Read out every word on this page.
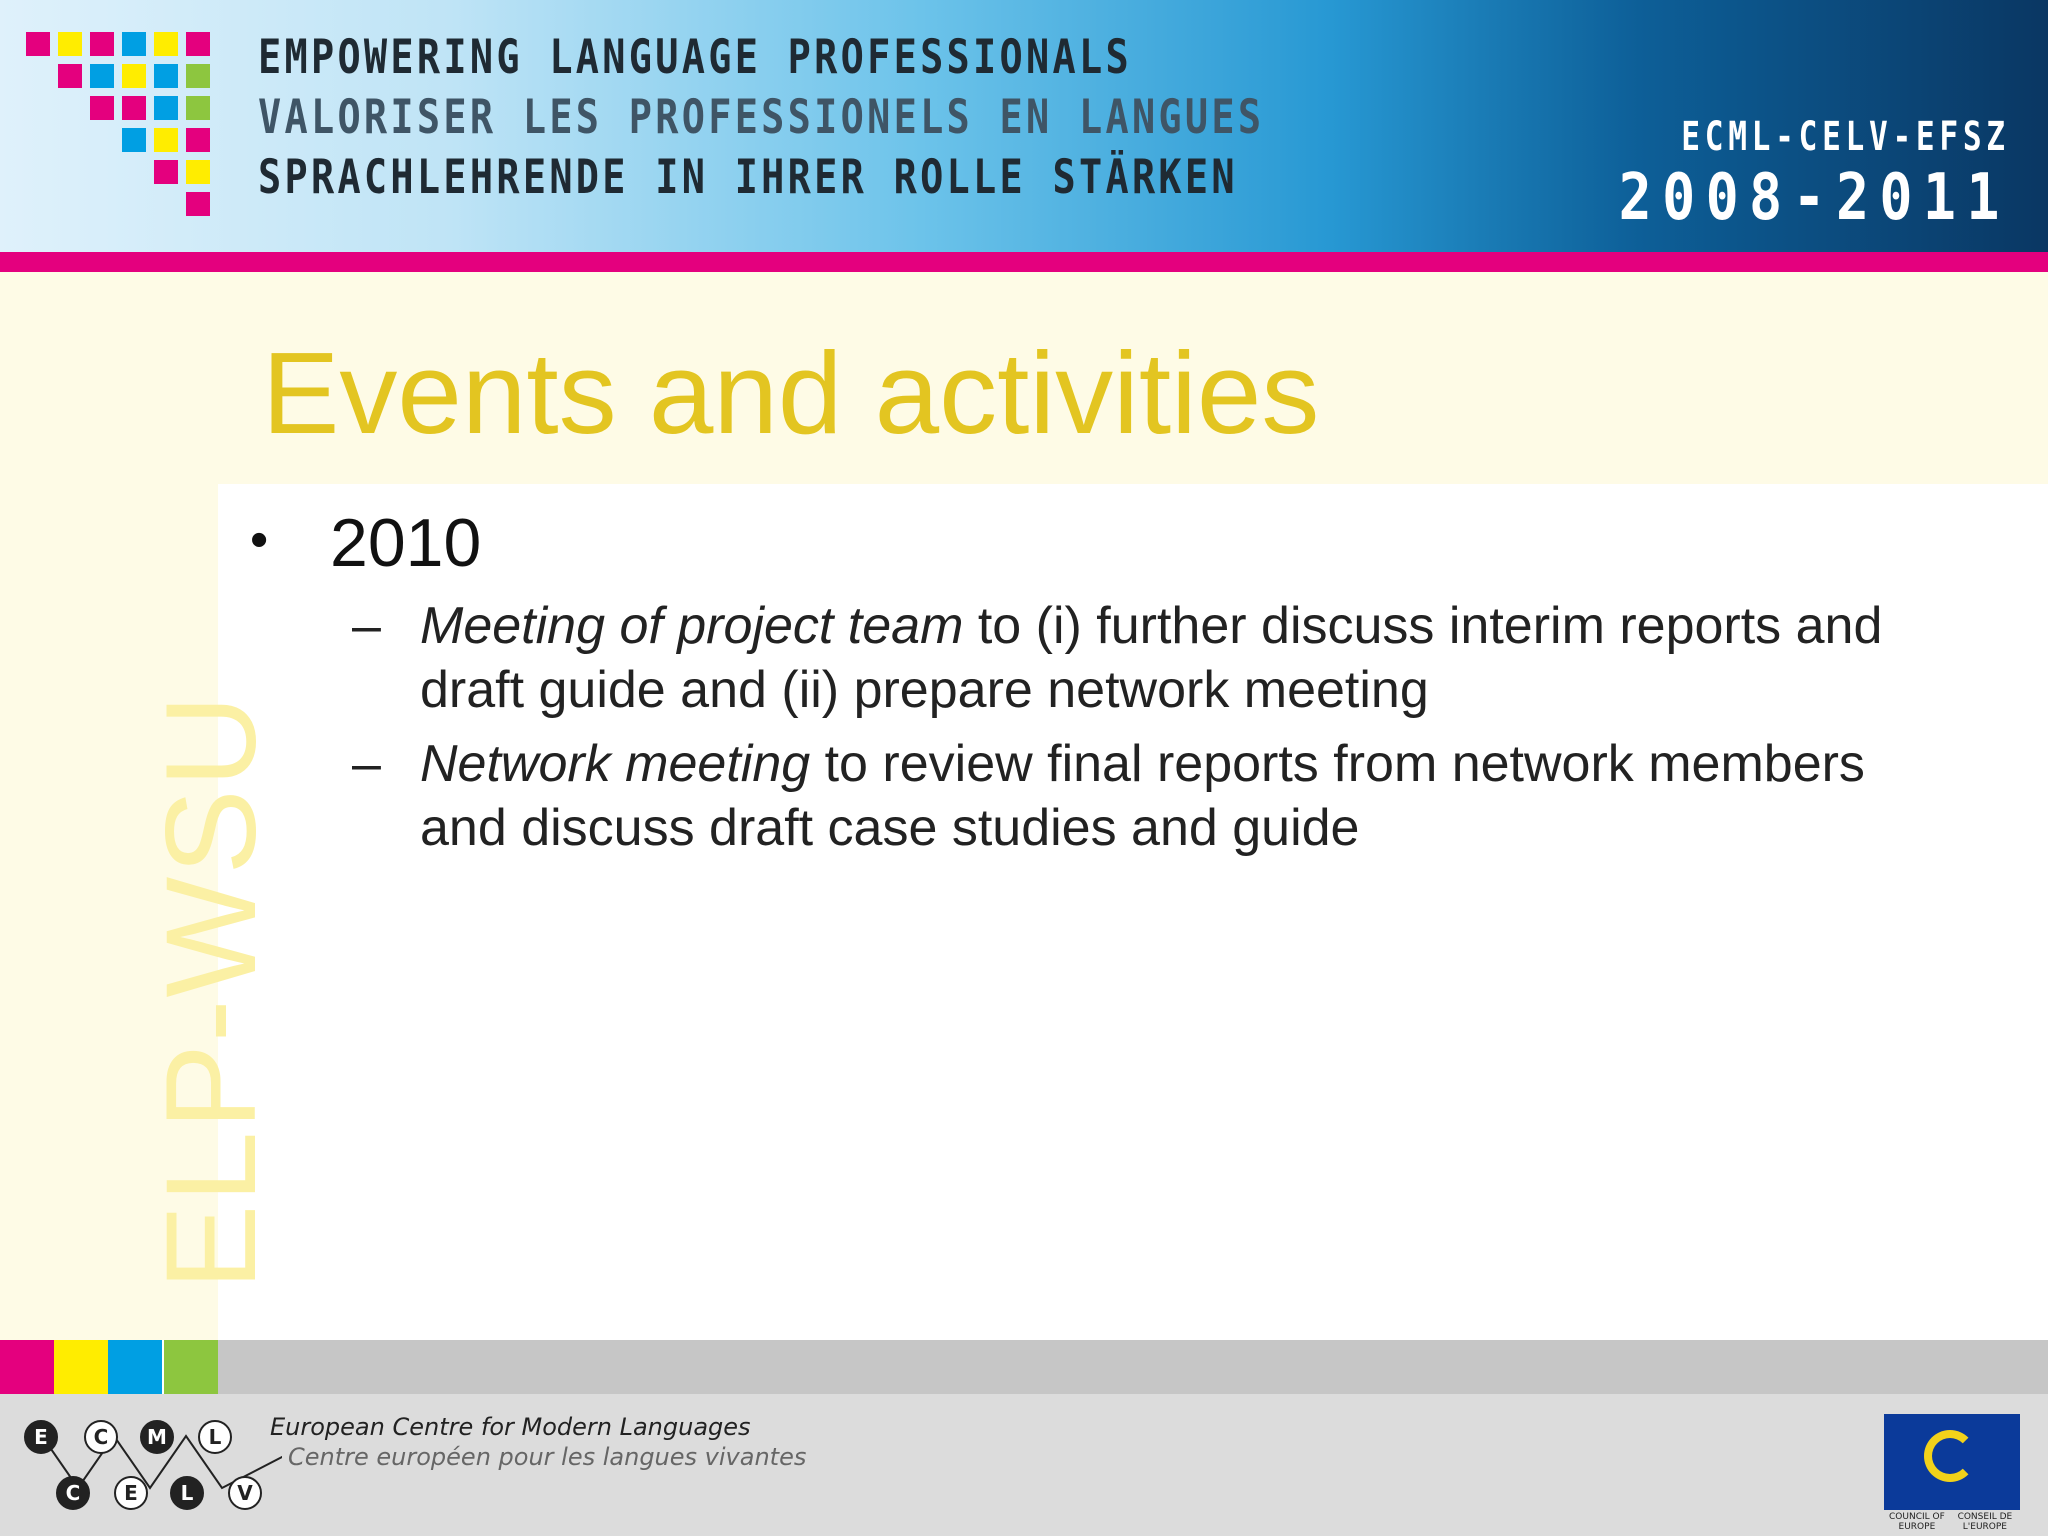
EMPOWERING LANGUAGE PROFESSIONALS
VALORISER LES PROFESSIONELS EN LANGUES
SPRACHLEHRENDE IN IHRER ROLLE STÄRKEN
ECML-CELV-EFSZ
2008-2011
ELP-WSU
Events and activities
• 2010
– Meeting of project team to (i) further discuss interim reports and draft guide and (ii) prepare network meeting
– Network meeting to review final reports from network members and discuss draft case studies and guide
E	C	M	L
C	E	L	V
European Centre for Modern Languages
Centre européen pour les langues vivantes
COUNCIL OF EUROPE
CONSEIL DE L'EUROPE
